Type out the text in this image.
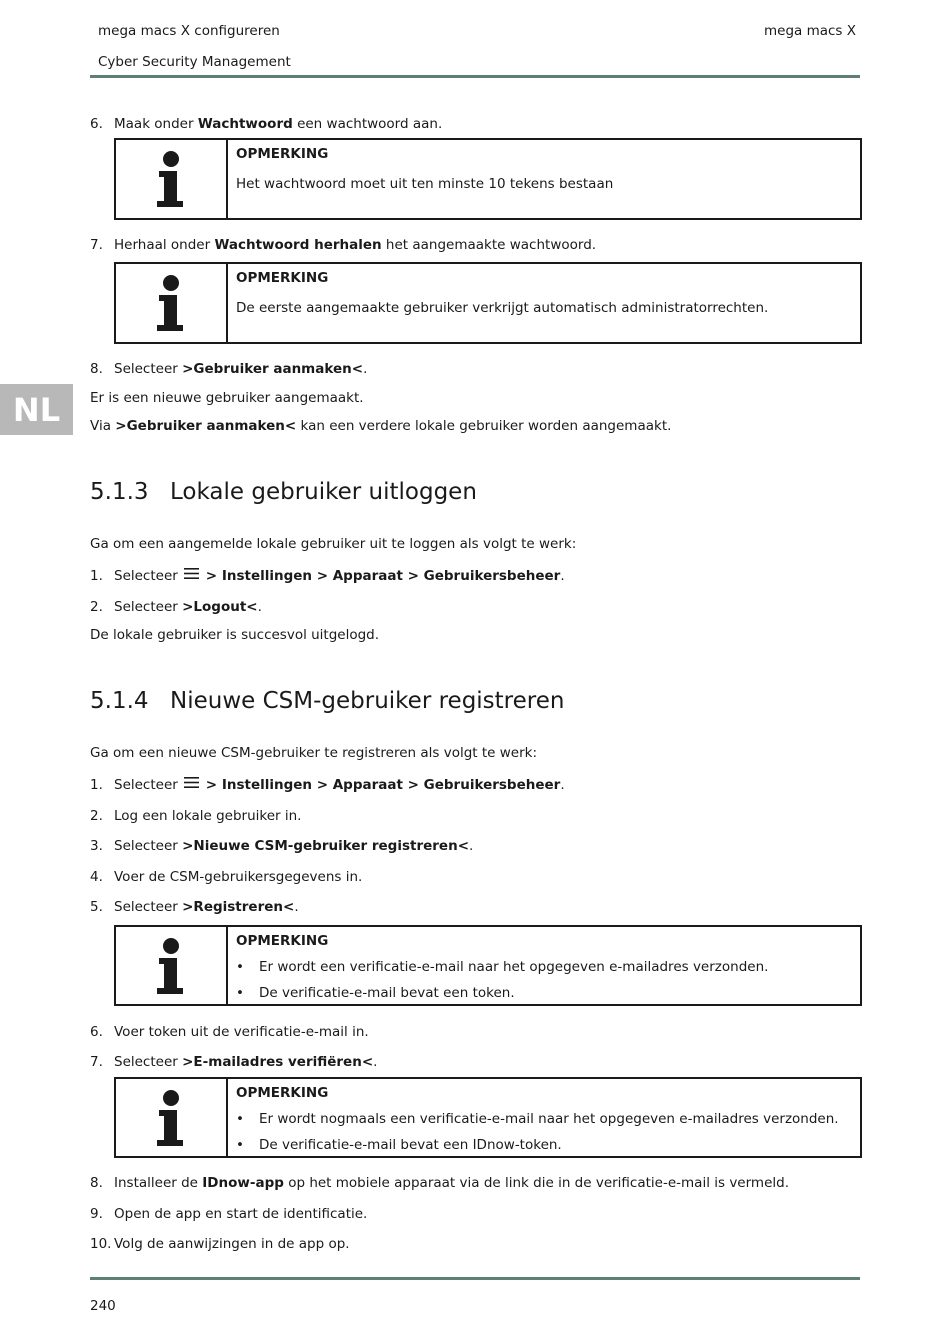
mega macs X configureren
Cyber Security Management
mega macs X
NL
6. Maak onder Wachtwoord een wachtwoord aan.
OPMERKING
Het wachtwoord moet uit ten minste 10 tekens bestaan
7. Herhaal onder Wachtwoord herhalen het aangemaakte wachtwoord.
OPMERKING
De eerste aangemaakte gebruiker verkrijgt automatisch administratorrechten.
8. Selecteer >Gebruiker aanmaken<.
Er is een nieuwe gebruiker aangemaakt.
Via >Gebruiker aanmaken< kan een verdere lokale gebruiker worden aangemaakt.
5.1.3 Lokale gebruiker uitloggen
Ga om een aangemelde lokale gebruiker uit te loggen als volgt te werk:
1. Selecteer  > Instellingen > Apparaat > Gebruikersbeheer.
2. Selecteer >Logout<.
De lokale gebruiker is succesvol uitgelogd.
5.1.4 Nieuwe CSM-gebruiker registreren
Ga om een nieuwe CSM-gebruiker te registreren als volgt te werk:
1. Selecteer  > Instellingen > Apparaat > Gebruikersbeheer.
2. Log een lokale gebruiker in.
3. Selecteer >Nieuwe CSM-gebruiker registreren<.
4. Voer de CSM-gebruikersgegevens in.
5. Selecteer >Registreren<.
OPMERKING
•	Er wordt een verificatie-e-mail naar het opgegeven e-mailadres verzonden.
•	De verificatie-e-mail bevat een token.
6. Voer token uit de verificatie-e-mail in.
7. Selecteer >E-mailadres verifiëren<.
OPMERKING
•	Er wordt nogmaals een verificatie-e-mail naar het opgegeven e-mailadres verzonden.
•	De verificatie-e-mail bevat een IDnow-token.
8. Installeer de IDnow-app op het mobiele apparaat via de link die in de verificatie-e-mail is vermeld.
9. Open de app en start de identificatie.
10. Volg de aanwijzingen in de app op.
240
